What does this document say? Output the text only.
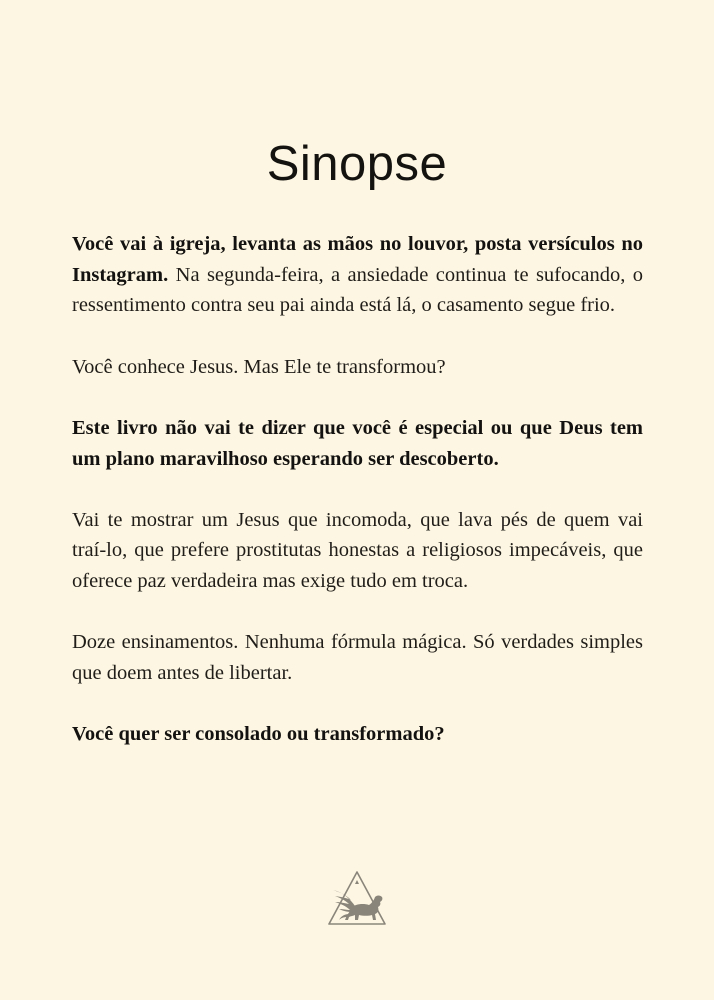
Sinopse

Você vai à igreja, levanta as mãos no louvor, posta versículos no Instagram. Na segunda-feira, a ansiedade continua te sufocando, o ressentimento contra seu pai ainda está lá, o casamento segue frio.

Você conhece Jesus. Mas Ele te transformou?

Este livro não vai te dizer que você é especial ou que Deus tem um plano maravilhoso esperando ser descoberto.

Vai te mostrar um Jesus que incomoda, que lava pés de quem vai traí-lo, que prefere prostitutas honestas a religiosos impecáveis, que oferece paz verdadeira mas exige tudo em troca.

Doze ensinamentos. Nenhuma fórmula mágica. Só verdades simples que doem antes de libertar.

Você quer ser consolado ou transformado?
